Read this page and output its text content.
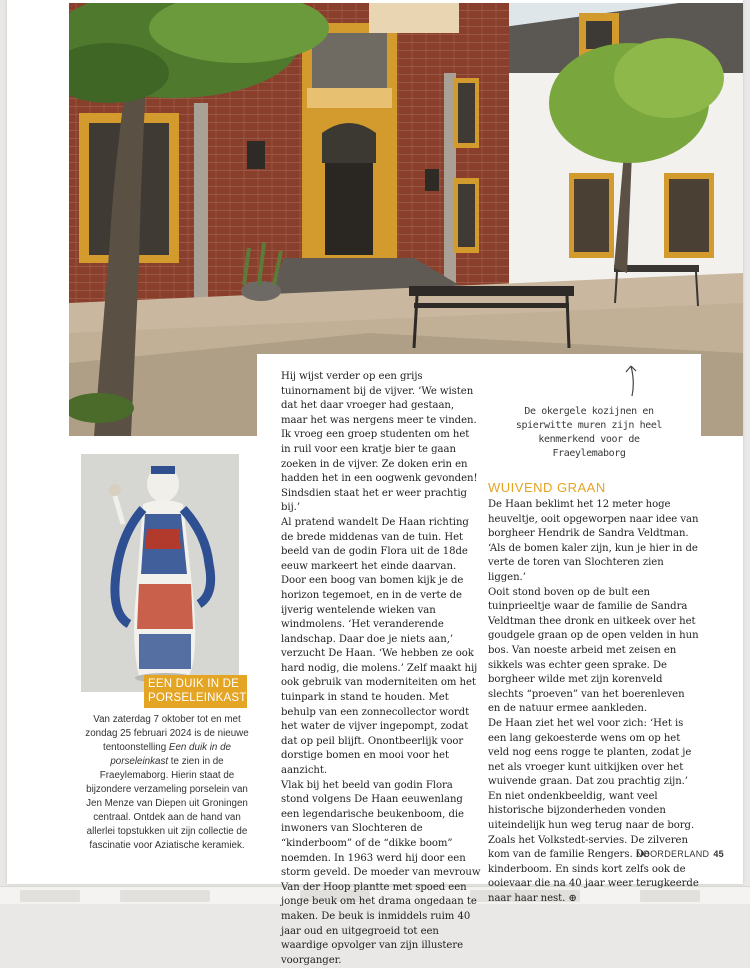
EEN DUIK IN DE
PORSELEINKAST
Van zaterdag 7 oktober tot en met zondag 25 februari 2024 is de nieuwe tentoonstelling Een duik in de porseleinkast te zien in de Fraeylemaborg. Hierin staat de bijzondere verzameling porselein van Jen Menze van Diepen uit Groningen centraal. Ontdek aan de hand van allerlei topstukken uit zijn collectie de fascinatie voor Aziatische keramiek.

Hij wijst verder op een grijs tuinornament bij de vijver. ‘We wisten dat het daar vroeger had gestaan, maar het was nergens meer te vinden. Ik vroeg een groep studenten om het in ruil voor een kratje bier te gaan zoeken in de vijver. Ze doken erin en hadden het in een oogwenk gevonden! Sindsdien staat het er weer prachtig bij.’

Al pratend wandelt De Haan richting de brede middenas van de tuin. Het beeld van de godin Flora uit de 18de eeuw markeert het einde daarvan. Door een boog van bomen kijk je de horizon tegemoet, en in de verte de ijverig wentelende wieken van windmolens. ‘Het veranderende landschap. Daar doe je niets aan,’ verzucht De Haan. ‘We hebben ze ook hard nodig, die molens.’ Zelf maakt hij ook gebruik van moderniteiten om het tuinpark in stand te houden. Met behulp van een zonnecollector wordt het water de vijver ingepompt, zodat dat op peil blijft. Onontbeerlijk voor dorstige bomen en mooi voor het aanzicht.

Vlak bij het beeld van godin Flora stond volgens De Haan eeuwenlang een legendarische beukenboom, die inwoners van Slochteren de “kinderboom” of de “dikke boom” noemden. In 1963 werd hij door een storm geveld. De moeder van mevrouw Van der Hoop plantte met spoed een jonge beuk om het drama ongedaan te maken. De beuk is inmiddels ruim 40 jaar oud en uitgegroeid tot een waardige opvolger van zijn illustere voorganger.

De okergele kozijnen en spierwitte muren zijn heel kenmerkend voor de Fraeylemaborg
WUIVEND GRAAN

De Haan beklimt het 12 meter hoge heuveltje, ooit opgeworpen naar idee van borgheer Hendrik de Sandra Veldtman. ‘Als de bomen kaler zijn, kun je hier in de verte de toren van Slochteren zien liggen.’

Ooit stond boven op de bult een tuinprieeltje waar de familie de Sandra Veldtman thee dronk en uitkeek over het goudgele graan op de open velden in hun bos. Van noeste arbeid met zeisen en sikkels was echter geen sprake. De borgheer wilde met zijn korenveld slechts “proeven” van het boerenleven en de natuur ermee aankleden.

De Haan ziet het wel voor zich: ‘Het is een lang gekoesterde wens om op het veld nog eens rogge te planten, zodat je net als vroeger kunt uitkijken over het wuivende graan. Dat zou prachtig zijn.’

En niet ondenkbeeldig, want veel historische bijzonderheden vonden uiteindelijk hun weg terug naar de borg. Zoals het Volkstedt-servies. De zilveren kom van de familie Rengers. De kinderboom. En sinds kort zelfs ook de ooievaar die na 40 jaar weer terugkeerde naar haar nest. ⊕

NOORDERLAND 45
